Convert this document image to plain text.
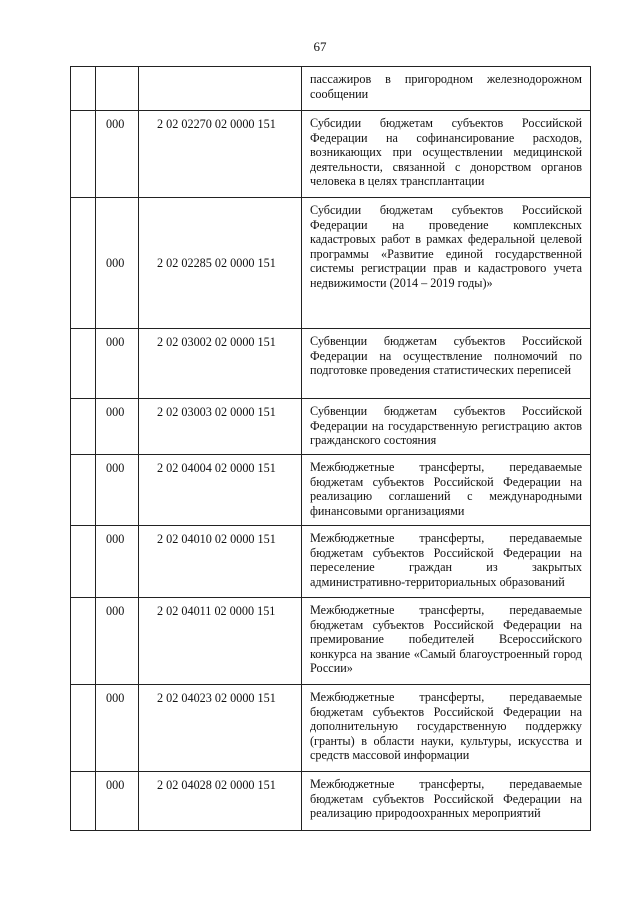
67
			пассажиров в пригородном железнодорожном сообщении
	000	2 02 02270 02 0000 151	Субсидии бюджетам субъектов Российской Федерации на софинансирование расходов, возникающих при осуществлении медицинской деятельности, связанной с донорством органов человека в целях трансплантации
	000	2 02 02285 02 0000 151	Субсидии бюджетам субъектов Российской Федерации на проведение комплексных кадастровых работ в рамках федеральной целевой программы «Развитие единой государственной системы регистрации прав и кадастрового учета недвижимости (2014 – 2019 годы)»
	000	2 02 03002 02 0000 151	Субвенции бюджетам субъектов Российской Федерации на осуществление полномочий по подготовке проведения статистических переписей
	000	2 02 03003 02 0000 151	Субвенции бюджетам субъектов Российской Федерации на государственную регистрацию актов гражданского состояния
	000	2 02 04004 02 0000 151	Межбюджетные трансферты, передаваемые бюджетам субъектов Российской Федерации на реализацию соглашений с международными финансовыми организациями
	000	2 02 04010 02 0000 151	Межбюджетные трансферты, передаваемые бюджетам субъектов Российской Федерации на переселение граждан из закрытых административно-территориальных образований
	000	2 02 04011 02 0000 151	Межбюджетные трансферты, передаваемые бюджетам субъектов Российской Федерации на премирование победителей Всероссийского конкурса на звание «Самый благоустроенный город России»
	000	2 02 04023 02 0000 151	Межбюджетные трансферты, передаваемые бюджетам субъектов Российской Федерации на дополнительную государственную поддержку (гранты) в области науки, культуры, искусства и средств массовой информации
	000	2 02 04028 02 0000 151	Межбюджетные трансферты, передаваемые бюджетам субъектов Российской Федерации на реализацию природоохранных мероприятий
